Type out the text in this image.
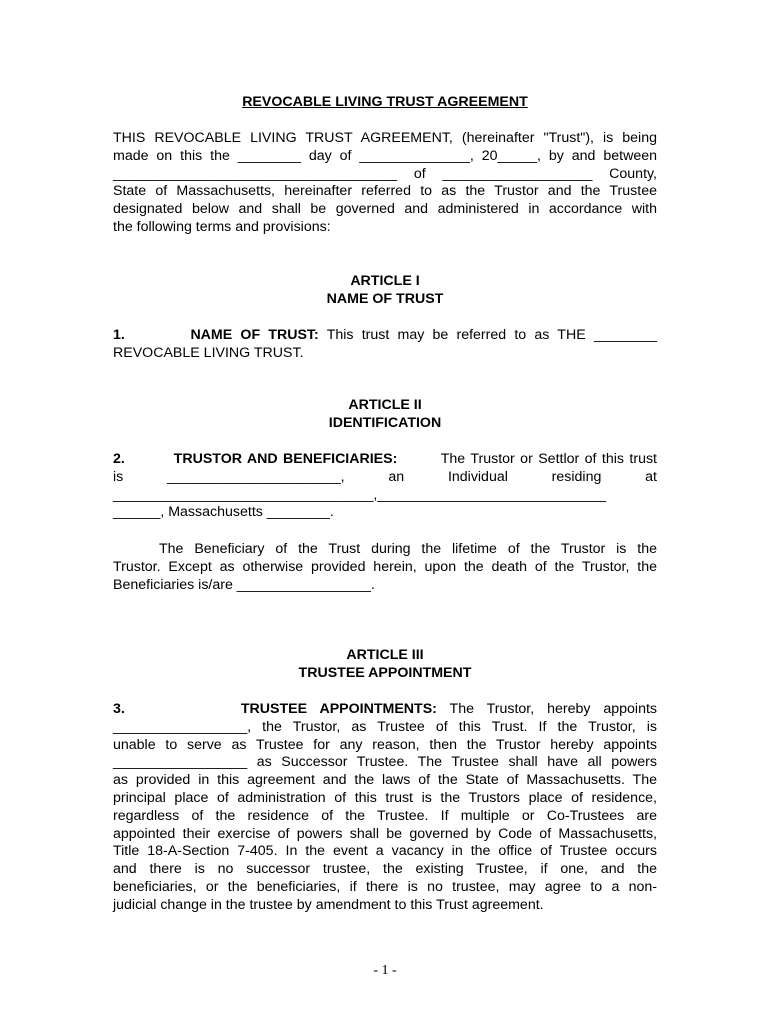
REVOCABLE LIVING TRUST AGREEMENT
THIS REVOCABLE LIVING TRUST AGREEMENT, (hereinafter "Trust"), is being
made on this the ________ day of ______________, 20_____, by and between
____________________________________ of ___________________ County,
State of Massachusetts, hereinafter referred to as the Trustor and the Trustee
designated below and shall be governed and administered in accordance with
the following terms and provisions:
ARTICLE I
NAME OF TRUST
1.	NAME OF TRUST: This trust may be referred to as THE ________
REVOCABLE LIVING TRUST.
ARTICLE II
IDENTIFICATION
2.	TRUSTOR AND BENEFICIARIES:	The Trustor or Settlor of this trust
is ______________________, an Individual residing at
_________________________________,_____________________________
______, Massachusetts ________.
The Beneficiary of the Trust during the lifetime of the Trustor is the
Trustor. Except as otherwise provided herein, upon the death of the Trustor, the
Beneficiaries is/are _________________.
ARTICLE III
TRUSTEE APPOINTMENT
3.	TRUSTEE APPOINTMENTS: The Trustor, hereby appoints
_________________, the Trustor, as Trustee of this Trust. If the Trustor, is
unable to serve as Trustee for any reason, then the Trustor hereby appoints
_________________ as Successor Trustee. The Trustee shall have all powers
as provided in this agreement and the laws of the State of Massachusetts. The
principal place of administration of this trust is the Trustors place of residence,
regardless of the residence of the Trustee. If multiple or Co-Trustees are
appointed their exercise of powers shall be governed by Code of Massachusetts,
Title 18-A-Section 7-405. In the event a vacancy in the office of Trustee occurs
and there is no successor trustee, the existing Trustee, if one, and the
beneficiaries, or the beneficiaries, if there is no trustee, may agree to a non-
judicial change in the trustee by amendment to this Trust agreement.
- 1 -
